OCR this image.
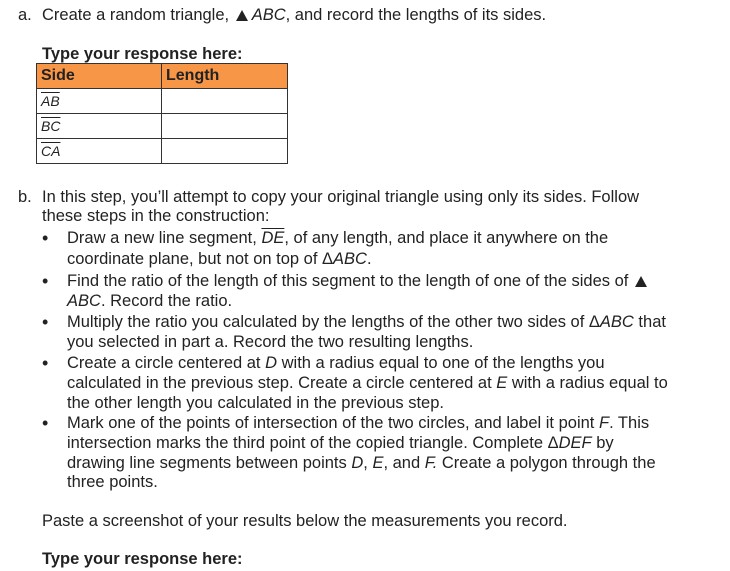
a. Create a random triangle, ABC, and record the lengths of its sides.
Type your response here:
Side	Length
$\overline{AB}$	
$\overline{BC}$	
$\overline{CA}$	
b. In this step, you’ll attempt to copy your original triangle using only its sides. Follow
these steps in the construction:
• Draw a new line segment, $\overline{DE}$, of any length, and place it anywhere on the
coordinate plane, but not on top of ΔABC.
• Find the ratio of the length of this segment to the length of one of the sides of
ABC. Record the ratio.
• Multiply the ratio you calculated by the lengths of the other two sides of ΔABC that
you selected in part a. Record the two resulting lengths.
• Create a circle centered at D with a radius equal to one of the lengths you
calculated in the previous step. Create a circle centered at E with a radius equal to
the other length you calculated in the previous step.
• Mark one of the points of intersection of the two circles, and label it point F. This
intersection marks the third point of the copied triangle. Complete ΔDEF by
drawing line segments between points D, E, and F. Create a polygon through the
three points.
Paste a screenshot of your results below the measurements you record.
Type your response here:
